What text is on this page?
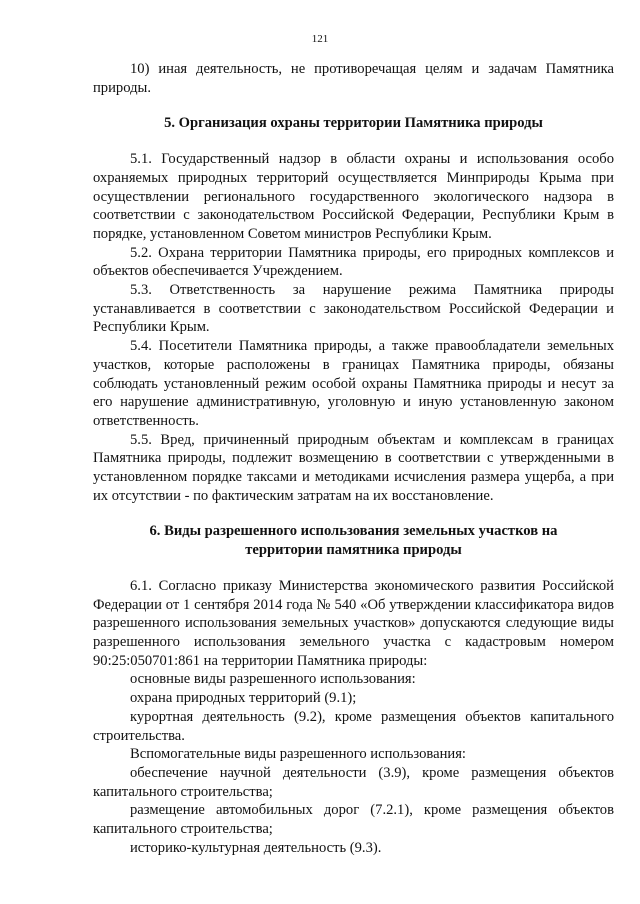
121

10) иная деятельность, не противоречащая целям и задачам Памятника природы.

5. Организация охраны территории Памятника природы

5.1. Государственный надзор в области охраны и использования особо охраняемых природных территорий осуществляется Минприроды Крыма при осуществлении регионального государственного экологического надзора в соответствии с законодательством Российской Федерации, Республики Крым в порядке, установленном Советом министров Республики Крым.

5.2. Охрана территории Памятника природы, его природных комплексов и объектов обеспечивается Учреждением.

5.3. Ответственность за нарушение режима Памятника природы устанавливается в соответствии с законодательством Российской Федерации и Республики Крым.

5.4. Посетители Памятника природы, а также правообладатели земельных участков, которые расположены в границах Памятника природы, обязаны соблюдать установленный режим особой охраны Памятника природы и несут за его нарушение административную, уголовную и иную установленную законом ответственность.

5.5. Вред, причиненный природным объектам и комплексам в границах Памятника природы, подлежит возмещению в соответствии с утвержденными в установленном порядке таксами и методиками исчисления размера ущерба, а при их отсутствии - по фактическим затратам на их восстановление.

6. Виды разрешенного использования земельных участков на
территории памятника природы

6.1. Согласно приказу Министерства экономического развития Российской Федерации от 1 сентября 2014 года № 540 «Об утверждении классификатора видов разрешенного использования земельных участков» допускаются следующие виды разрешенного использования земельного участка с кадастровым номером 90:25:050701:861 на территории Памятника природы:

основные виды разрешенного использования:

охрана природных территорий (9.1);

курортная деятельность (9.2), кроме размещения объектов капитального строительства.

Вспомогательные виды разрешенного использования:

обеспечение научной деятельности (3.9), кроме размещения объектов капитального строительства;

размещение автомобильных дорог (7.2.1), кроме размещения объектов капитального строительства;

историко-культурная деятельность (9.3).
